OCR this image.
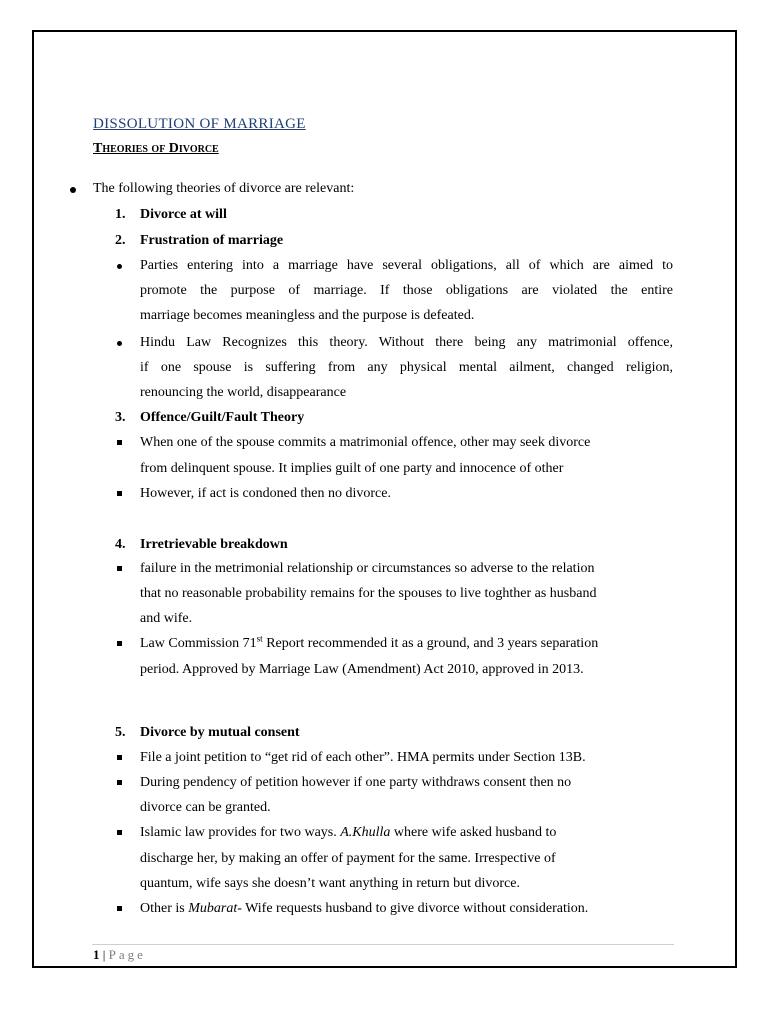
DISSOLUTION OF MARRIAGE
Theories of Divorce
The following theories of divorce are relevant:
1. Divorce at will
2. Frustration of marriage
Parties entering into a marriage have several obligations, all of which are aimed to
promote the purpose of marriage. If those obligations are violated the entire
marriage becomes meaningless and the purpose is defeated.
Hindu Law Recognizes this theory. Without there being any matrimonial offence,
if one spouse is suffering from any physical mental ailment, changed religion,
renouncing the world, disappearance
3. Offence/Guilt/Fault Theory
When one of the spouse commits a matrimonial offence, other may seek divorce
from delinquent spouse. It implies guilt of one party and innocence of other
However, if act is condoned then no divorce.
4. Irretrievable breakdown
failure in the metrimonial relationship or circumstances so adverse to the relation
that no reasonable probability remains for the spouses to live toghther as husband
and wife.
Law Commission 71st Report recommended it as a ground, and 3 years separation
period. Approved by Marriage Law (Amendment) Act 2010, approved in 2013.
5. Divorce by mutual consent
File a joint petition to “get rid of each other”. HMA permits under Section 13B.
During pendency of petition however if one party withdraws consent then no
divorce can be granted.
Islamic law provides for two ways. A.Khulla where wife asked husband to
discharge her, by making an offer of payment for the same. Irrespective of
quantum, wife says she doesn’t want anything in return but divorce.
Other is Mubarat- Wife requests husband to give divorce without consideration.
1 | Page
